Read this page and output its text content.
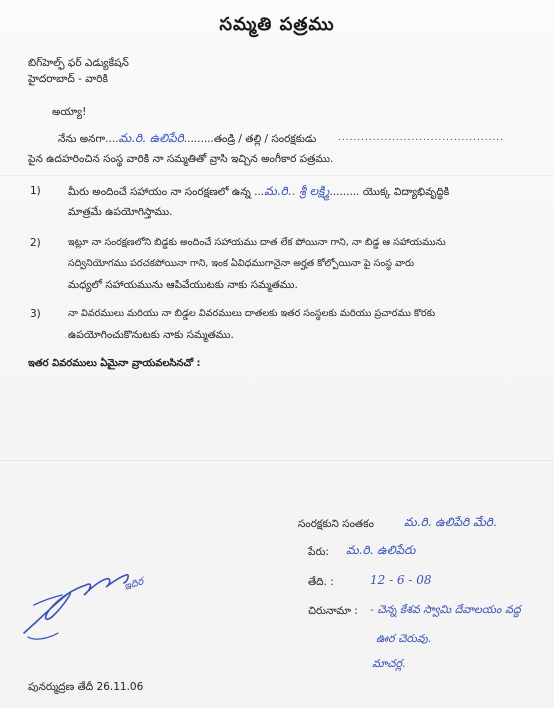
సమ్మతి పత్రము
బిగ్‌హెల్ఫ్ ఫర్ ఎడ్యుకేషన్
హైదరాబాద్ - వారికి
అయ్యా!
నేను అనగా....మ.రి. ఉలిపే‌రి.........తండ్రి / తల్లి / సంరక్షకుడు ...........................................
పైన ఉదహరించిన సంస్థ వారికి నా సమ్మతితో వ్రాసి ఇచ్చిన అంగీకార పత్రము.
1)	మీరు అందించే సహాయం నా సంరక్షణలో ఉన్న ...మ.రి.. శ్రీ లక్ష్మి......... యొక్క విద్యాభివృద్ధికి
మాత్రమే ఉపయోగిస్తాము.
2)	ఇట్లూ నా సంరక్షణలోని బిడ్డకు అందించే సహాయము దాత లేక పోయినా గాని, నా బిడ్డ ఆ సహాయమును
సద్వినియోగము పరచకపోయినా గాని, ఇంక ఏవిధముగానైనా అర్హత కోల్పోయినా పై సంస్థ వారు
మధ్యలో సహాయమును ఆపివేయుటకు నాకు సమ్మతము.
3)	నా వివరములు మరియు నా బిడ్డల వివరములు దాతలకు ఇతర సంస్థలకు మరియు ప్రచారము కొరకు
ఉపయోగించుకొనుటకు నాకు సమ్మతము.
ఇతర వివరములు ఏమైనా వ్రాయవలసినచో :
సంరక్షకుని సంతకం	మ.రి. ఉలిపేరి మేరి.
పేరు: మ.రి. ఉలిపేరు
తేది. :	12 - 6 - 08
చిరునామా : - చెన్న కేశవ స్వామి దేవాలయం వద్ద
ఊర చెరువు.
మాచర్ల.
ఇదిర
పునర్ముద్రణ తేదీ 26.11.06
